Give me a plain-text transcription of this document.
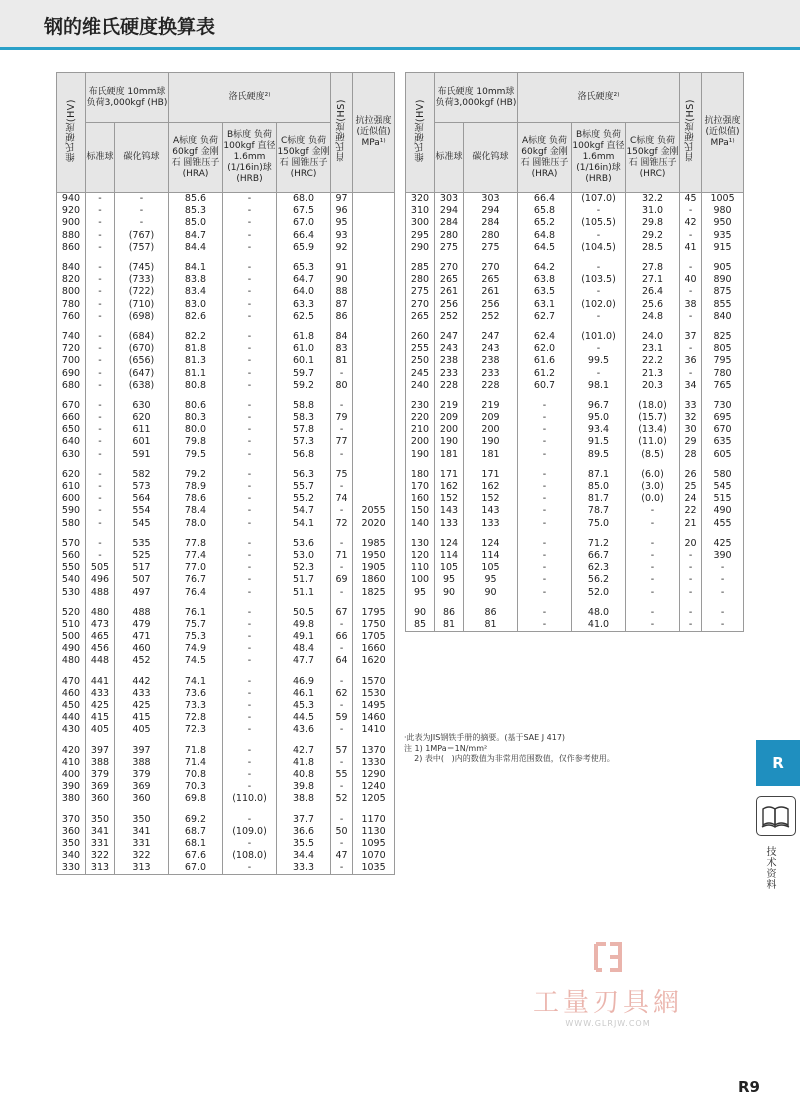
钢的维氏硬度换算表
维氏硬度(HV)	布氏硬度 10mm球 负荷3,000kgf (HB)		洛氏硬度²⁾			肖氏硬度(HS)	抗拉强度 (近似值) MPa¹⁾
	标准球	碳化钨球	A标度 负荷60kgf 金刚石 圆锥压子 (HRA)	B标度 负荷100kgf 直径1.6mm (1/16in)球 (HRB)	C标度 负荷150kgf 金刚石 圆锥压子 (HRC)		
940	-	-	85.6	-	68.0	97	
920	-	-	85.3	-	67.5	96	
900	-	-	85.0	-	67.0	95	
880	-	(767)	84.7	-	66.4	93	
860	-	(757)	84.4	-	65.9	92	
840	-	(745)	84.1	-	65.3	91	
820	-	(733)	83.8	-	64.7	90	
800	-	(722)	83.4	-	64.0	88	
780	-	(710)	83.0	-	63.3	87	
760	-	(698)	82.6	-	62.5	86	
740	-	(684)	82.2	-	61.8	84	
720	-	(670)	81.8	-	61.0	83	
700	-	(656)	81.3	-	60.1	81	
690	-	(647)	81.1	-	59.7	-	
680	-	(638)	80.8	-	59.2	80	
670	-	630	80.6	-	58.8	-	
660	-	620	80.3	-	58.3	79	
650	-	611	80.0	-	57.8	-	
640	-	601	79.8	-	57.3	77	
630	-	591	79.5	-	56.8	-	
620	-	582	79.2	-	56.3	75	
610	-	573	78.9	-	55.7	-	
600	-	564	78.6	-	55.2	74	
590	-	554	78.4	-	54.7	-	2055
580	-	545	78.0	-	54.1	72	2020
570	-	535	77.8	-	53.6	-	1985
560	-	525	77.4	-	53.0	71	1950
550	505	517	77.0	-	52.3	-	1905
540	496	507	76.7	-	51.7	69	1860
530	488	497	76.4	-	51.1	-	1825
520	480	488	76.1	-	50.5	67	1795
510	473	479	75.7	-	49.8	-	1750
500	465	471	75.3	-	49.1	66	1705
490	456	460	74.9	-	48.4	-	1660
480	448	452	74.5	-	47.7	64	1620
470	441	442	74.1	-	46.9	-	1570
460	433	433	73.6	-	46.1	62	1530
450	425	425	73.3	-	45.3	-	1495
440	415	415	72.8	-	44.5	59	1460
430	405	405	72.3	-	43.6	-	1410
420	397	397	71.8	-	42.7	57	1370
410	388	388	71.4	-	41.8	-	1330
400	379	379	70.8	-	40.8	55	1290
390	369	369	70.3	-	39.8	-	1240
380	360	360	69.8	(110.0)	38.8	52	1205
370	350	350	69.2	-	37.7	-	1170
360	341	341	68.7	(109.0)	36.6	50	1130
350	331	331	68.1	-	35.5	-	1095
340	322	322	67.6	(108.0)	34.4	47	1070
330	313	313	67.0	-	33.3	-	1035
维氏硬度(HV)	布氏硬度 10mm球 负荷3,000kgf (HB)		洛氏硬度²⁾			肖氏硬度(HS)	抗拉强度 (近似值) MPa¹⁾
	标准球	碳化钨球	A标度 负荷60kgf 金刚石 圆锥压子 (HRA)	B标度 负荷100kgf 直径1.6mm (1/16in)球 (HRB)	C标度 负荷150kgf 金刚石 圆锥压子 (HRC)		
320	303	303	66.4	(107.0)	32.2	45	1005
310	294	294	65.8	-	31.0	-	980
300	284	284	65.2	(105.5)	29.8	42	950
295	280	280	64.8	-	29.2	-	935
290	275	275	64.5	(104.5)	28.5	41	915
285	270	270	64.2	-	27.8	-	905
280	265	265	63.8	(103.5)	27.1	40	890
275	261	261	63.5	-	26.4	-	875
270	256	256	63.1	(102.0)	25.6	38	855
265	252	252	62.7	-	24.8	-	840
260	247	247	62.4	(101.0)	24.0	37	825
255	243	243	62.0	-	23.1	-	805
250	238	238	61.6	99.5	22.2	36	795
245	233	233	61.2	-	21.3	-	780
240	228	228	60.7	98.1	20.3	34	765
230	219	219	-	96.7	(18.0)	33	730
220	209	209	-	95.0	(15.7)	32	695
210	200	200	-	93.4	(13.4)	30	670
200	190	190	-	91.5	(11.0)	29	635
190	181	181	-	89.5	(8.5)	28	605
180	171	171	-	87.1	(6.0)	26	580
170	162	162	-	85.0	(3.0)	25	545
160	152	152	-	81.7	(0.0)	24	515
150	143	143	-	78.7	-	22	490
140	133	133	-	75.0	-	21	455
130	124	124	-	71.2	-	20	425
120	114	114	-	66.7	-	-	390
110	105	105	-	62.3	-	-	-
100	95	95	-	56.2	-	-	-
95	90	90	-	52.0	-	-	-
90	86	86	-	48.0	-	-	-
85	81	81	-	41.0	-	-	-
·此表为JIS钢铁手册的摘要。(基于SAE J 417)
注 1) 1MPa＝1N/mm²
2) 表中(   )内的数值为非常用范围数值，仅作参考使用。	R
技术资料
工量刃具網
WWW.GLRJW.COM
R9
